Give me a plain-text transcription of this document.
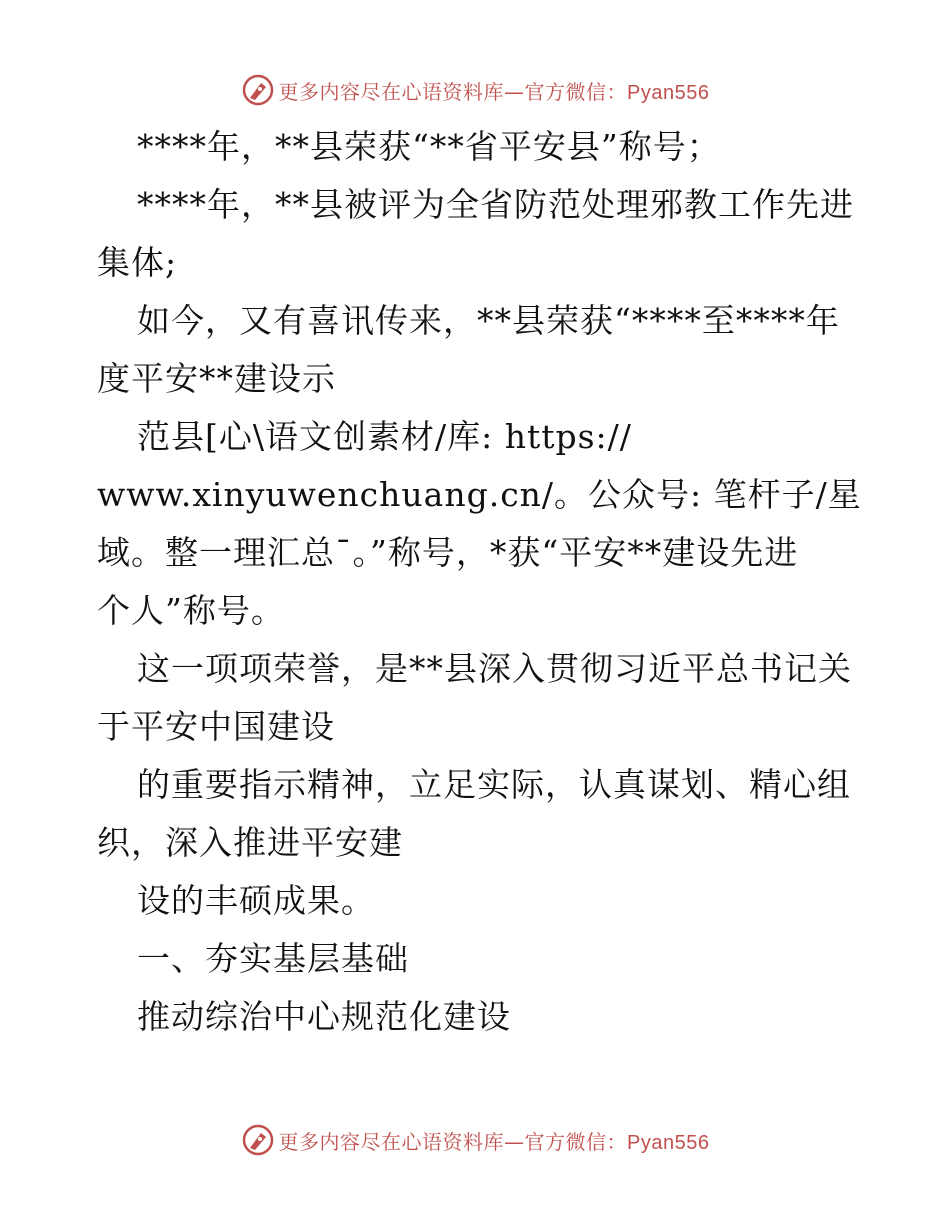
更多内容尽在心语资料库—官方微信：Pyan556
****年，**县荣获“**省平安县”称号；
****年，**县被评为全省防范处理邪教工作先进
集体;
如今，又有喜讯传来，**县荣获“****至****年
度平安**建设示
范县[心\语文创素材/库: https://
www.xinyuwenchuang.cn/。公众号: 笔杆子/星
域。整一理汇总¯。”称号，*获“平安**建设先进
个人”称号。
这一项项荣誉，是**县深入贯彻习近平总书记关
于平安中国建设
的重要指示精神，立足实际，认真谋划、精心组
织，深入推进平安建
设的丰硕成果。
一、夯实基层基础
推动综治中心规范化建设
更多内容尽在心语资料库—官方微信：Pyan556
